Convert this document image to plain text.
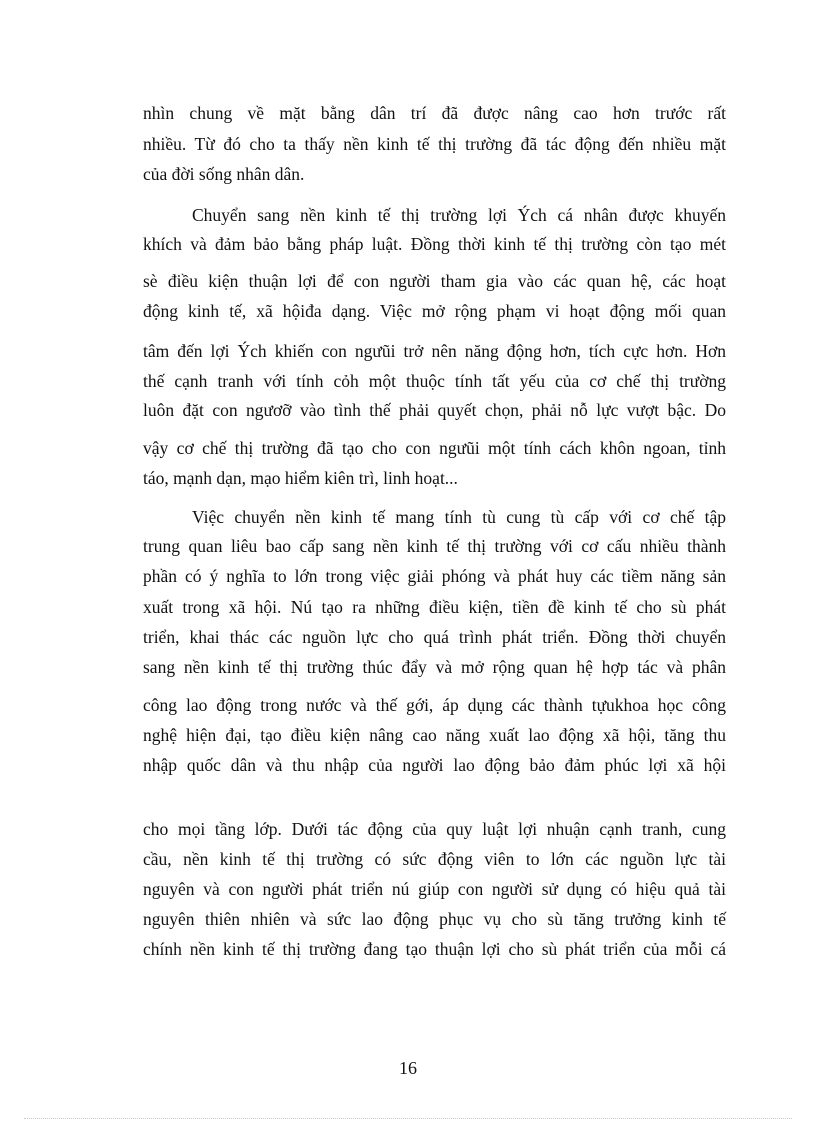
nhìn chung về mặt bằng dân trí đã được nâng cao hơn trước rất
nhiều. Từ đó cho ta thấy nền kinh tế thị trường đã tác động đến nhiều mặt
của đời sống nhân dân.
Chuyển sang nền kinh tế thị trường lợi Ých cá nhân được khuyến
khích và đảm bảo bằng pháp luật. Đồng thời kinh tế thị trường còn tạo mét
sè điều kiện thuận lợi để con người tham gia vào các quan hệ, các hoạt
động kinh tế, xã hộiđa dạng. Việc mở rộng phạm vi hoạt động mối quan
tâm đến lợi Ých khiến con ngưũi trở nên năng động hơn, tích cực hơn. Hơn
thế cạnh tranh với tính cỏh một thuộc tính tất yếu của cơ chế thị trường
luôn đặt con ngươỡ vào tình thế phải quyết chọn, phải nỗ lực vượt bậc. Do
vậy cơ chế thị trường đã tạo cho con ngưũi một tính cách khôn ngoan, tỉnh
táo, mạnh dạn, mạo hiểm kiên trì, linh hoạt...
Việc chuyển nền kinh tế mang tính tù cung tù cấp với cơ chế tập
trung quan liêu bao cấp sang nền kinh tế thị trường với cơ cấu nhiều thành
phần có ý nghĩa to lớn trong việc giải phóng và phát huy các tiềm năng sản
xuất trong xã hội. Nú tạo ra những điều kiện, tiền đề kinh tế cho sù phát
triển, khai thác các nguồn lực cho quá trình phát triển. Đồng thời chuyển
sang nền kinh tế thị trường thúc đẩy và mở rộng quan hệ hợp tác và phân
công lao động trong nước và thế gới, áp dụng các thành tựukhoa học công
nghệ hiện đại, tạo điều kiện nâng cao năng xuất lao động xã hội, tăng thu
nhập quốc dân và thu nhập của người lao động bảo đảm phúc lợi xã hội
cho mọi tầng lớp. Dưới tác động của quy luật lợi nhuận cạnh tranh, cung
cầu, nền kinh tế thị trường có sức động viên to lớn các nguồn lực tài
nguyên và con người phát triển nú giúp con người sử dụng có hiệu quả tài
nguyên thiên nhiên và sức lao động phục vụ cho sù tăng trưởng kinh tế
chính nền kinh tế thị trường đang tạo thuận lợi cho sù phát triển của mỗi cá
16
